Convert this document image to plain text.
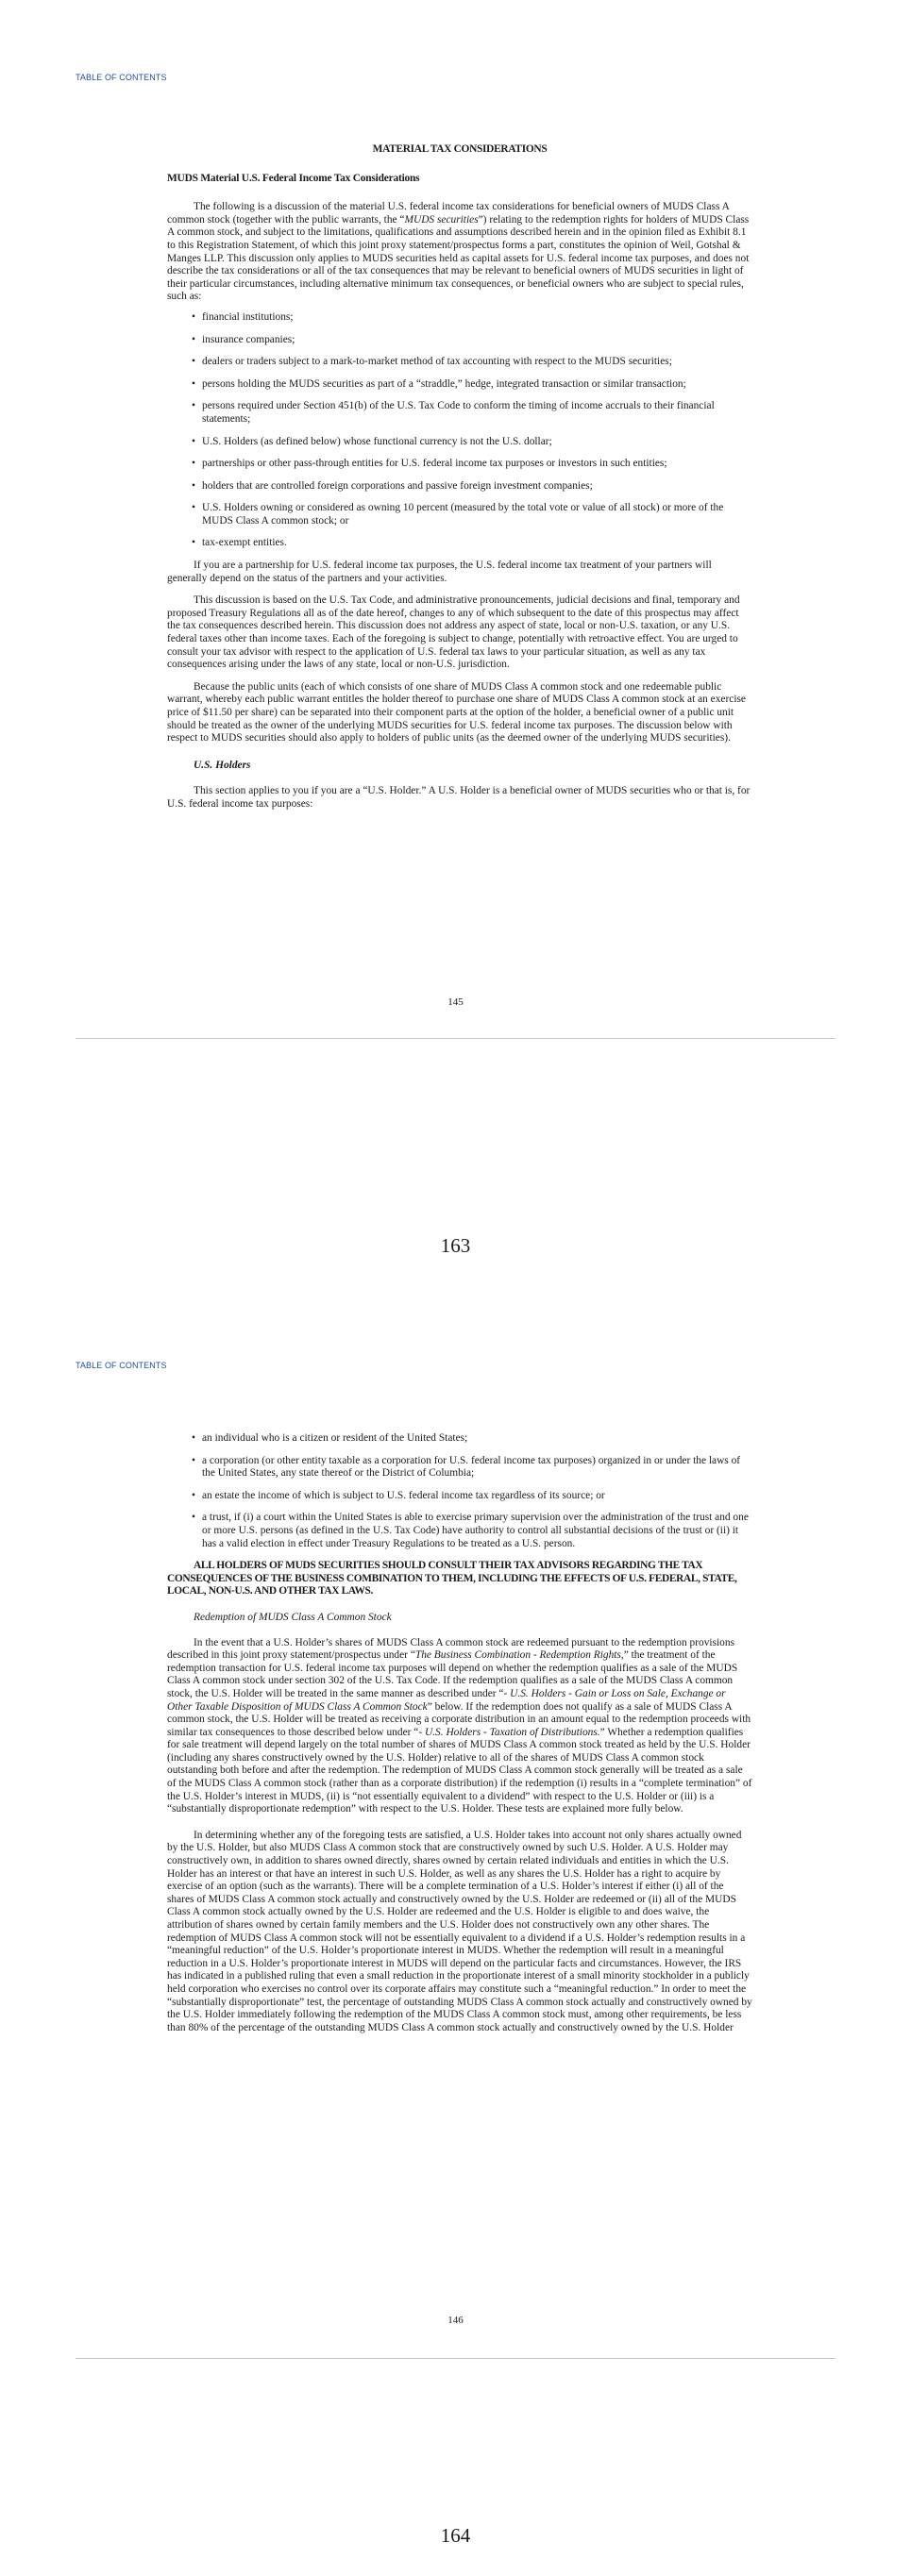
TABLE OF CONTENTS

MATERIAL TAX CONSIDERATIONS

MUDS Material U.S. Federal Income Tax Considerations

The following is a discussion of the material U.S. federal income tax considerations for beneficial owners of MUDS Class A common stock (together with the public warrants, the “MUDS securities”) relating to the redemption rights for holders of MUDS Class A common stock, and subject to the limitations, qualifications and assumptions described herein and in the opinion filed as Exhibit 8.1 to this Registration Statement, of which this joint proxy statement/prospectus forms a part, constitutes the opinion of Weil, Gotshal & Manges LLP. This discussion only applies to MUDS securities held as capital assets for U.S. federal income tax purposes, and does not describe the tax considerations or all of the tax consequences that may be relevant to beneficial owners of MUDS securities in light of their particular circumstances, including alternative minimum tax consequences, or beneficial owners who are subject to special rules, such as:

• financial institutions;
• insurance companies;
• dealers or traders subject to a mark-to-market method of tax accounting with respect to the MUDS securities;
• persons holding the MUDS securities as part of a “straddle,” hedge, integrated transaction or similar transaction;
• persons required under Section 451(b) of the U.S. Tax Code to conform the timing of income accruals to their financial statements;
• U.S. Holders (as defined below) whose functional currency is not the U.S. dollar;
• partnerships or other pass-through entities for U.S. federal income tax purposes or investors in such entities;
• holders that are controlled foreign corporations and passive foreign investment companies;
• U.S. Holders owning or considered as owning 10 percent (measured by the total vote or value of all stock) or more of the MUDS Class A common stock; or
• tax-exempt entities.

If you are a partnership for U.S. federal income tax purposes, the U.S. federal income tax treatment of your partners will generally depend on the status of the partners and your activities.

This discussion is based on the U.S. Tax Code, and administrative pronouncements, judicial decisions and final, temporary and proposed Treasury Regulations all as of the date hereof, changes to any of which subsequent to the date of this prospectus may affect the tax consequences described herein. This discussion does not address any aspect of state, local or non-U.S. taxation, or any U.S. federal taxes other than income taxes. Each of the foregoing is subject to change, potentially with retroactive effect. You are urged to consult your tax advisor with respect to the application of U.S. federal tax laws to your particular situation, as well as any tax consequences arising under the laws of any state, local or non-U.S. jurisdiction.

Because the public units (each of which consists of one share of MUDS Class A common stock and one redeemable public warrant, whereby each public warrant entitles the holder thereof to purchase one share of MUDS Class A common stock at an exercise price of $11.50 per share) can be separated into their component parts at the option of the holder, a beneficial owner of a public unit should be treated as the owner of the underlying MUDS securities for U.S. federal income tax purposes. The discussion below with respect to MUDS securities should also apply to holders of public units (as the deemed owner of the underlying MUDS securities).

U.S. Holders

This section applies to you if you are a “U.S. Holder.” A U.S. Holder is a beneficial owner of MUDS securities who or that is, for U.S. federal income tax purposes:

145
163
TABLE OF CONTENTS
• an individual who is a citizen or resident of the United States;
• a corporation (or other entity taxable as a corporation for U.S. federal income tax purposes) organized in or under the laws of the United States, any state thereof or the District of Columbia;
• an estate the income of which is subject to U.S. federal income tax regardless of its source; or
• a trust, if (i) a court within the United States is able to exercise primary supervision over the administration of the trust and one or more U.S. persons (as defined in the U.S. Tax Code) have authority to control all substantial decisions of the trust or (ii) it has a valid election in effect under Treasury Regulations to be treated as a U.S. person.

ALL HOLDERS OF MUDS SECURITIES SHOULD CONSULT THEIR TAX ADVISORS REGARDING THE TAX CONSEQUENCES OF THE BUSINESS COMBINATION TO THEM, INCLUDING THE EFFECTS OF U.S. FEDERAL, STATE, LOCAL, NON-U.S. AND OTHER TAX LAWS.

Redemption of MUDS Class A Common Stock

In the event that a U.S. Holder’s shares of MUDS Class A common stock are redeemed pursuant to the redemption provisions described in this joint proxy statement/prospectus under “The Business Combination - Redemption Rights,” the treatment of the redemption transaction for U.S. federal income tax purposes will depend on whether the redemption qualifies as a sale of the MUDS Class A common stock under section 302 of the U.S. Tax Code. If the redemption qualifies as a sale of the MUDS Class A common stock, the U.S. Holder will be treated in the same manner as described under “- U.S. Holders - Gain or Loss on Sale, Exchange or Other Taxable Disposition of MUDS Class A Common Stock” below. If the redemption does not qualify as a sale of MUDS Class A common stock, the U.S. Holder will be treated as receiving a corporate distribution in an amount equal to the redemption proceeds with similar tax consequences to those described below under “- U.S. Holders - Taxation of Distributions.” Whether a redemption qualifies for sale treatment will depend largely on the total number of shares of MUDS Class A common stock treated as held by the U.S. Holder (including any shares constructively owned by the U.S. Holder) relative to all of the shares of MUDS Class A common stock outstanding both before and after the redemption. The redemption of MUDS Class A common stock generally will be treated as a sale of the MUDS Class A common stock (rather than as a corporate distribution) if the redemption (i) results in a “complete termination” of the U.S. Holder’s interest in MUDS, (ii) is “not essentially equivalent to a dividend” with respect to the U.S. Holder or (iii) is a “substantially disproportionate redemption” with respect to the U.S. Holder. These tests are explained more fully below.

In determining whether any of the foregoing tests are satisfied, a U.S. Holder takes into account not only shares actually owned by the U.S. Holder, but also MUDS Class A common stock that are constructively owned by such U.S. Holder. A U.S. Holder may constructively own, in addition to shares owned directly, shares owned by certain related individuals and entities in which the U.S. Holder has an interest or that have an interest in such U.S. Holder, as well as any shares the U.S. Holder has a right to acquire by exercise of an option (such as the warrants). There will be a complete termination of a U.S. Holder’s interest if either (i) all of the shares of MUDS Class A common stock actually and constructively owned by the U.S. Holder are redeemed or (ii) all of the MUDS Class A common stock actually owned by the U.S. Holder are redeemed and the U.S. Holder is eligible to and does waive, the attribution of shares owned by certain family members and the U.S. Holder does not constructively own any other shares. The redemption of MUDS Class A common stock will not be essentially equivalent to a dividend if a U.S. Holder’s redemption results in a “meaningful reduction” of the U.S. Holder’s proportionate interest in MUDS. Whether the redemption will result in a meaningful reduction in a U.S. Holder’s proportionate interest in MUDS will depend on the particular facts and circumstances. However, the IRS has indicated in a published ruling that even a small reduction in the proportionate interest of a small minority stockholder in a publicly held corporation who exercises no control over its corporate affairs may constitute such a “meaningful reduction.” In order to meet the “substantially disproportionate” test, the percentage of outstanding MUDS Class A common stock actually and constructively owned by the U.S. Holder immediately following the redemption of the MUDS Class A common stock must, among other requirements, be less than 80% of the percentage of the outstanding MUDS Class A common stock actually and constructively owned by the U.S. Holder

146
164
